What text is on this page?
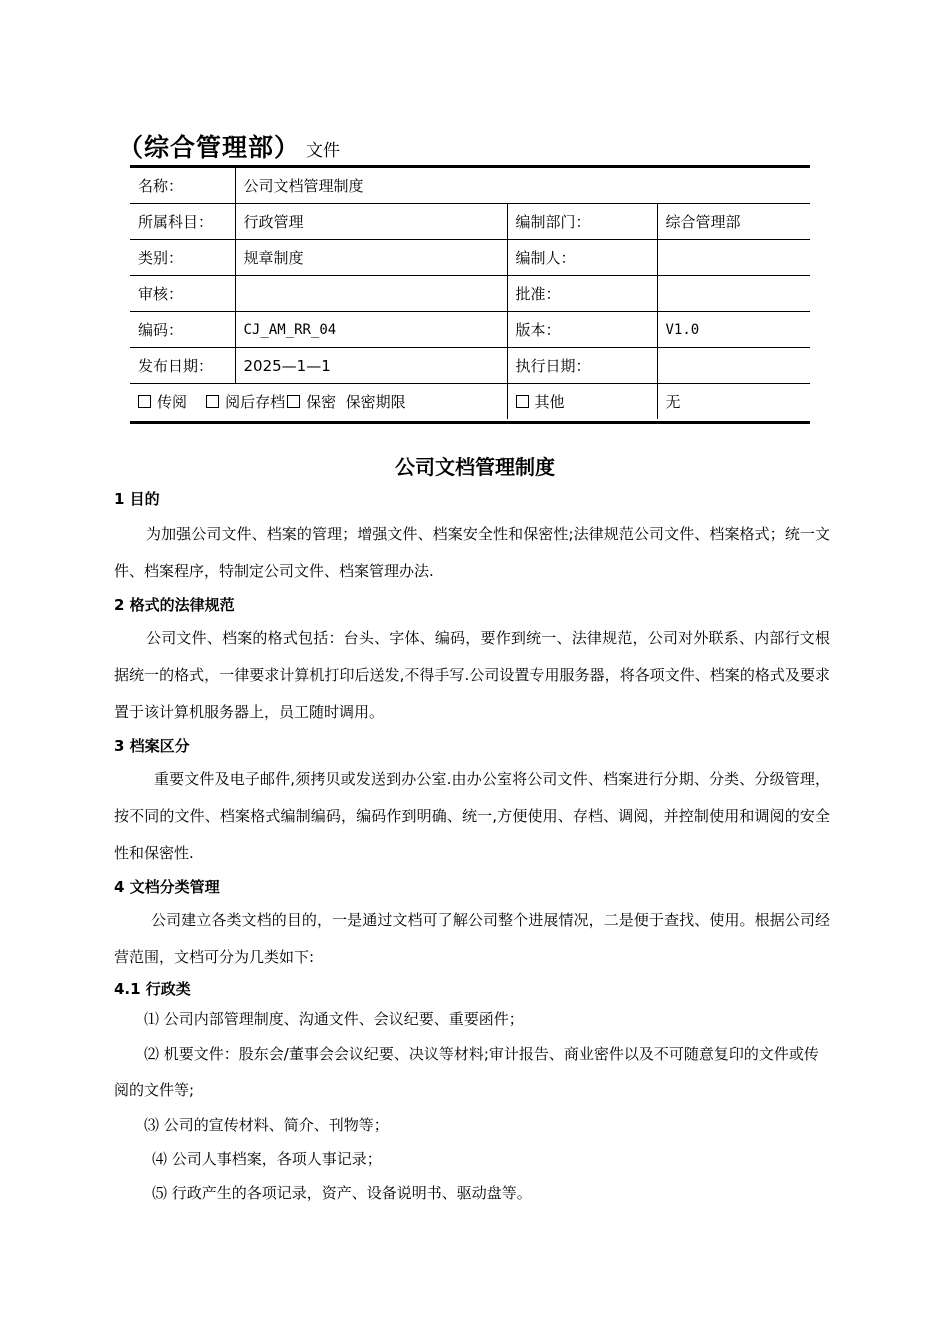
（综合管理部） 文件
名称：	公司文档管理制度		
所属科目：	行政管理	编制部门：	综合管理部
类别：	规章制度	编制人：	
审核：		批准：	
编码：	CJ_AM_RR_04	版本：	V1.0
发布日期：	2025—1—1	执行日期：	
传阅 阅后存档 保密 保密期限		其他	无
公司文档管理制度

1 目的

为加强公司文件、档案的管理；增强文件、档案安全性和保密性;法律规范公司文件、档案格式；统一文件、档案程序，特制定公司文件、档案管理办法.

2 格式的法律规范

公司文件、档案的格式包括：台头、字体、编码，要作到统一、法律规范，公司对外联系、内部行文根据统一的格式，一律要求计算机打印后送发,不得手写.公司设置专用服务器，将各项文件、档案的格式及要求置于该计算机服务器上，员工随时调用。

3 档案区分

重要文件及电子邮件,须拷贝或发送到办公室.由办公室将公司文件、档案进行分期、分类、分级管理，按不同的文件、档案格式编制编码，编码作到明确、统一,方便使用、存档、调阅，并控制使用和调阅的安全性和保密性.

4 文档分类管理

公司建立各类文档的目的，一是通过文档可了解公司整个进展情况，二是便于查找、使用。根据公司经营范围，文档可分为几类如下:

4.1 行政类

⑴ 公司内部管理制度、沟通文件、会议纪要、重要函件；

⑵ 机要文件：股东会/董事会会议纪要、决议等材料;审计报告、商业密件以及不可随意复印的文件或传阅的文件等;

⑶ 公司的宣传材料、简介、刊物等；

⑷ 公司人事档案，各项人事记录；

⑸ 行政产生的各项记录，资产、设备说明书、驱动盘等。
